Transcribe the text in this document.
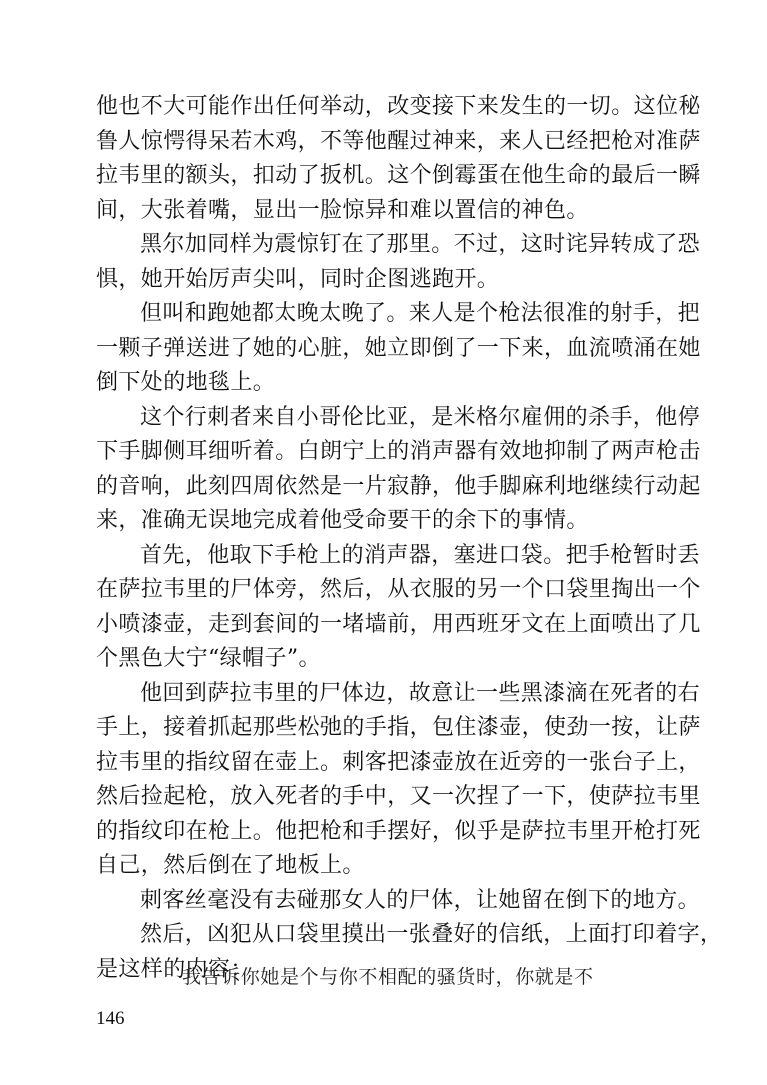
他也不大可能作出任何举动，改变接下来发生的一切。这位秘
鲁人惊愕得呆若木鸡，不等他醒过神来，来人已经把枪对准萨
拉韦里的额头，扣动了扳机。这个倒霉蛋在他生命的最后一瞬
间，大张着嘴，显出一脸惊异和难以置信的神色。
黑尔加同样为震惊钉在了那里。不过，这时诧异转成了恐
惧，她开始厉声尖叫，同时企图逃跑开。
但叫和跑她都太晚太晚了。来人是个枪法很准的射手，把
一颗子弹送进了她的心脏，她立即倒了一下来，血流喷涌在她
倒下处的地毯上。
这个行刺者来自小哥伦比亚，是米格尔雇佣的杀手，他停
下手脚侧耳细听着。白朗宁上的消声器有效地抑制了两声枪击
的音响，此刻四周依然是一片寂静，他手脚麻利地继续行动起
来，准确无误地完成着他受命要干的余下的事情。
首先，他取下手枪上的消声器，塞进口袋。把手枪暂时丢
在萨拉韦里的尸体旁，然后，从衣服的另一个口袋里掏出一个
小喷漆壶，走到套间的一堵墙前，用西班牙文在上面喷出了几
个黑色大宁“绿帽子”。
他回到萨拉韦里的尸体边，故意让一些黑漆滴在死者的右
手上，接着抓起那些松弛的手指，包住漆壶，使劲一按，让萨
拉韦里的指纹留在壶上。刺客把漆壶放在近旁的一张台子上，
然后捡起枪，放入死者的手中，又一次捏了一下，使萨拉韦里
的指纹印在枪上。他把枪和手摆好，似乎是萨拉韦里开枪打死
自己，然后倒在了地板上。
刺客丝毫没有去碰那女人的尸体，让她留在倒下的地方。
然后，凶犯从口袋里摸出一张叠好的信纸，上面打印着字，
是这样的内容：
我告诉你她是个与你不相配的骚货时，你就是不
146
